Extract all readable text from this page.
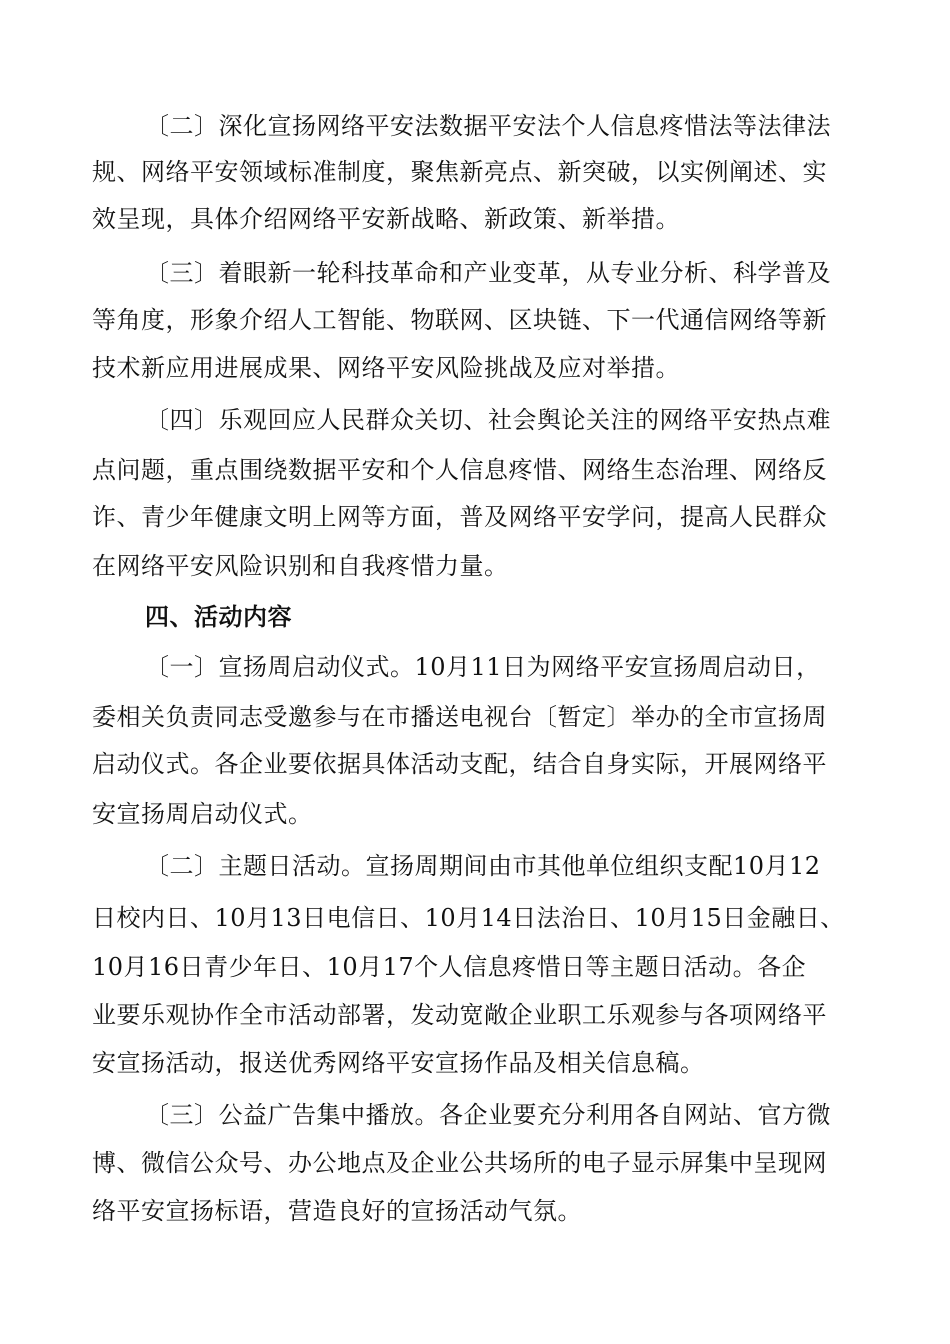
〔二〕深化宣扬网络平安法数据平安法个人信息疼惜法等法律法
规、网络平安领域标准制度，聚焦新亮点、新突破，以实例阐述、实
效呈现，具体介绍网络平安新战略、新政策、新举措。
〔三〕着眼新一轮科技革命和产业变革，从专业分析、科学普及
等角度，形象介绍人工智能、物联网、区块链、下一代通信网络等新
技术新应用进展成果、网络平安风险挑战及应对举措。
〔四〕乐观回应人民群众关切、社会舆论关注的网络平安热点难
点问题，重点围绕数据平安和个人信息疼惜、网络生态治理、网络反
诈、青少年健康文明上网等方面，普及网络平安学问，提高人民群众
在网络平安风险识别和自我疼惜力量。
四、活动内容
〔一〕宣扬周启动仪式。10月11日为网络平安宣扬周启动日，
委相关负责同志受邀参与在市播送电视台〔暂定〕举办的全市宣扬周
启动仪式。各企业要依据具体活动支配，结合自身实际，开展网络平
安宣扬周启动仪式。
〔二〕主题日活动。宣扬周期间由市其他单位组织支配10月12
日校内日、10月13日电信日、10月14日法治日、10月15日金融日、
10月16日青少年日、10月17个人信息疼惜日等主题日活动。各企
业要乐观协作全市活动部署，发动宽敞企业职工乐观参与各项网络平
安宣扬活动，报送优秀网络平安宣扬作品及相关信息稿。
〔三〕公益广告集中播放。各企业要充分利用各自网站、官方微
博、微信公众号、办公地点及企业公共场所的电子显示屏集中呈现网
络平安宣扬标语，营造良好的宣扬活动气氛。
